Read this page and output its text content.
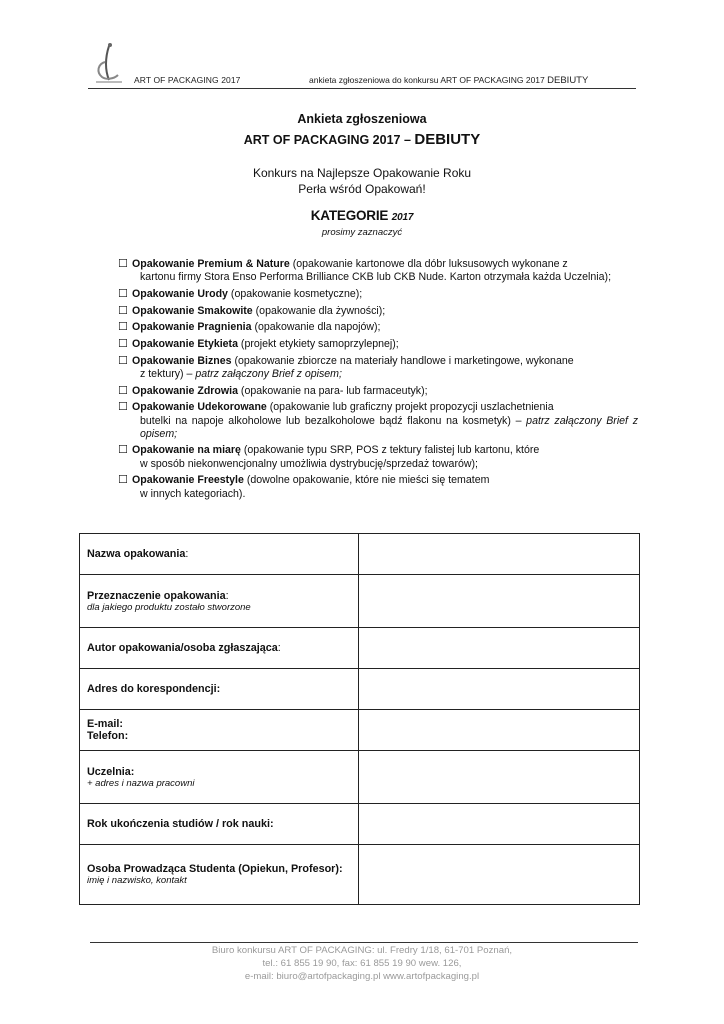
ART OF PACKAGING 2017	ankieta zgłoszeniowa do konkursu ART OF PACKAGING 2017 DEBIUTY
Ankieta zgłoszeniowa
ART OF PACKAGING 2017 – DEBIUTY
Konkurs na Najlepsze Opakowanie Roku
Perła wśród Opakowań!
KATEGORIE 2017
prosimy zaznaczyć
☐ Opakowanie Premium & Nature (opakowanie kartonowe dla dóbr luksusowych wykonane z
kartonu firmy Stora Enso Performa Brilliance CKB lub CKB Nude. Karton otrzymała każda Uczelnia);
☐ Opakowanie Urody (opakowanie kosmetyczne);
☐ Opakowanie Smakowite (opakowanie dla żywności);
☐ Opakowanie Pragnienia (opakowanie dla napojów);
☐ Opakowanie Etykieta (projekt etykiety samoprzylepnej);
☐ Opakowanie Biznes (opakowanie zbiorcze na materiały handlowe i marketingowe, wykonane
z tektury) – patrz załączony Brief z opisem;
☐ Opakowanie Zdrowia (opakowanie na para- lub farmaceutyk);
☐ Opakowanie Udekorowane (opakowanie lub graficzny projekt propozycji uszlachetnienia
butelki na napoje alkoholowe lub bezalkoholowe bądź flakonu na kosmetyk) – patrz załączony Brief z opisem;
☐ Opakowanie na miarę (opakowanie typu SRP, POS z tektury falistej lub kartonu, które
w sposób niekonwencjonalny umożliwia dystrybucję/sprzedaż towarów);
☐ Opakowanie Freestyle (dowolne opakowanie, które nie mieści się tematem
w innych kategoriach).
Nazwa opakowania:	

Przeznaczenie opakowania:
dla jakiego produktu zostało stworzone	

Autor opakowania/osoba zgłaszająca:	

Adres do korespondencji:	

E-mail:
Telefon:	

Uczelnia:
+ adres i nazwa pracowni	

Rok ukończenia studiów / rok nauki:	

Osoba Prowadząca Studenta (Opiekun, Profesor):
imię i nazwisko, kontakt	

Biuro konkursu ART OF PACKAGING: ul. Fredry 1/18, 61-701 Poznań,
tel.: 61 855 19 90, fax: 61 855 19 90 wew. 126,
e-mail: biuro@artofpackaging.pl www.artofpackaging.pl
